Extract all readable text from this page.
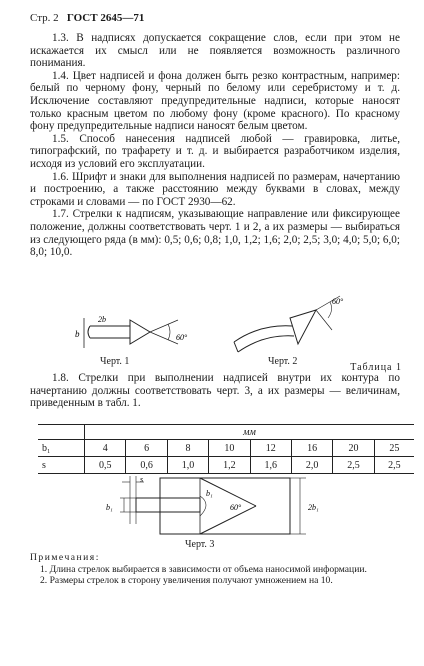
Стр. 2 ГОСТ 2645—71

1.3. В надписях допускается сокращение слов, если при этом не искажается их смысл или не появляется возможность различного понимания.

1.4. Цвет надписей и фона должен быть резко контрастным, например: белый по черному фону, черный по белому или серебристому и т. д. Исключение составляют предупредительные надписи, которые наносят только красным цветом по любому фону (кроме красного). По красному фону предупредительные надписи наносят белым цветом.

1.5. Способ нанесения надписей любой — гравировка, литье, типографский, по трафарету и т. д. и выбирается разработчиком изделия, исходя из условий его эксплуатации.

1.6. Шрифт и знаки для выполнения надписей по размерам, начертанию и построению, а также расстоянию между буквами в словах, между строками и словами — по ГОСТ 2930—62.

1.7. Стрелки к надписям, указывающие направление или фиксирующее положение, должны соответствовать черт. 1 и 2, а их размеры — выбираться из следующего ряда (в мм): 0,5; 0,6; 0,8; 1,0, 1,2; 1,6; 2,0; 2,5; 3,0; 4,0; 5,0; 6,0; 8,0; 10,0.

b
2b
60°
Черт. 1
60°
Черт. 2

1.8. Стрелки при выполнении надписей внутри их контура по начертанию должны соответствовать черт. 3, а их размеры — величинам, приведенным в табл. 1.

Таблица 1
	мм							
b₁	4	6	8	10	12	16	20	25
s	0,5	0,6	1,0	1,2	1,6	2,0	2,5	2,5
s
b₁
b₁
60°	2b₁
Черт. 3
Примечания:

1. Длина стрелок выбирается в зависимости от объема наносимой информации.

2. Размеры стрелок в сторону увеличения получают умножением на 10.
